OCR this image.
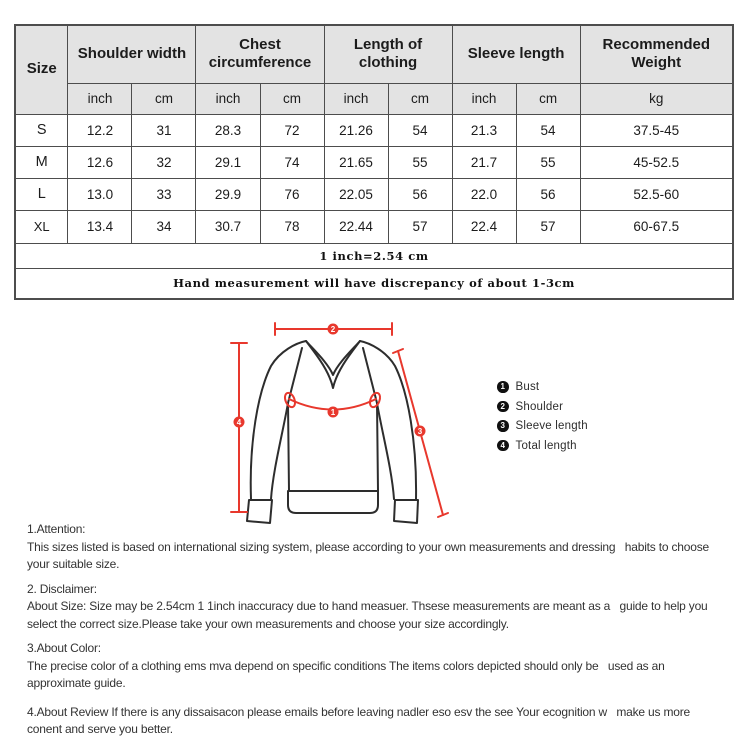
Size	Shoulder width		Chest circumference		Length of clothing		Sleeve length		Recommended Weight
	inch	cm	inch	cm	inch	cm	inch	cm	kg
S	12.2	31	28.3	72	21.26	54	21.3	54	37.5-45
M	12.6	32	29.1	74	21.65	55	21.7	55	45-52.5
L	13.0	33	29.9	76	22.05	56	22.0	56	52.5-60
XL	13.4	34	30.7	78	22.44	57	22.4	57	60-67.5
1 inch=2.54 cm									
Hand measurement will have discrepancy of about 1-3cm									
2
4
1
3
1 Bust
2 Shoulder
3 Sleeve length
4 Total length
1.Attention:
This sizes listed is based on international sizing system, please according to your own measurements and dressing   habits to choose
your suitable size.
2. Disclaimer:
About Size: Size may be 2.54cm 1 1inch inaccuracy due to hand measuer. Thsese measurements are meant as a   guide to help you
select the correct size.Please take your own measurements and choose your size accordingly.
3.About Color:
The precise color of a clothing ems mva depend on specific conditions The items colors depicted should only be   used as an
approximate guide.
4.About Review If there is any dissaisacon please emails before leaving nadler eso esv the see Your ecognition w   make us more
conent and serve you better.
